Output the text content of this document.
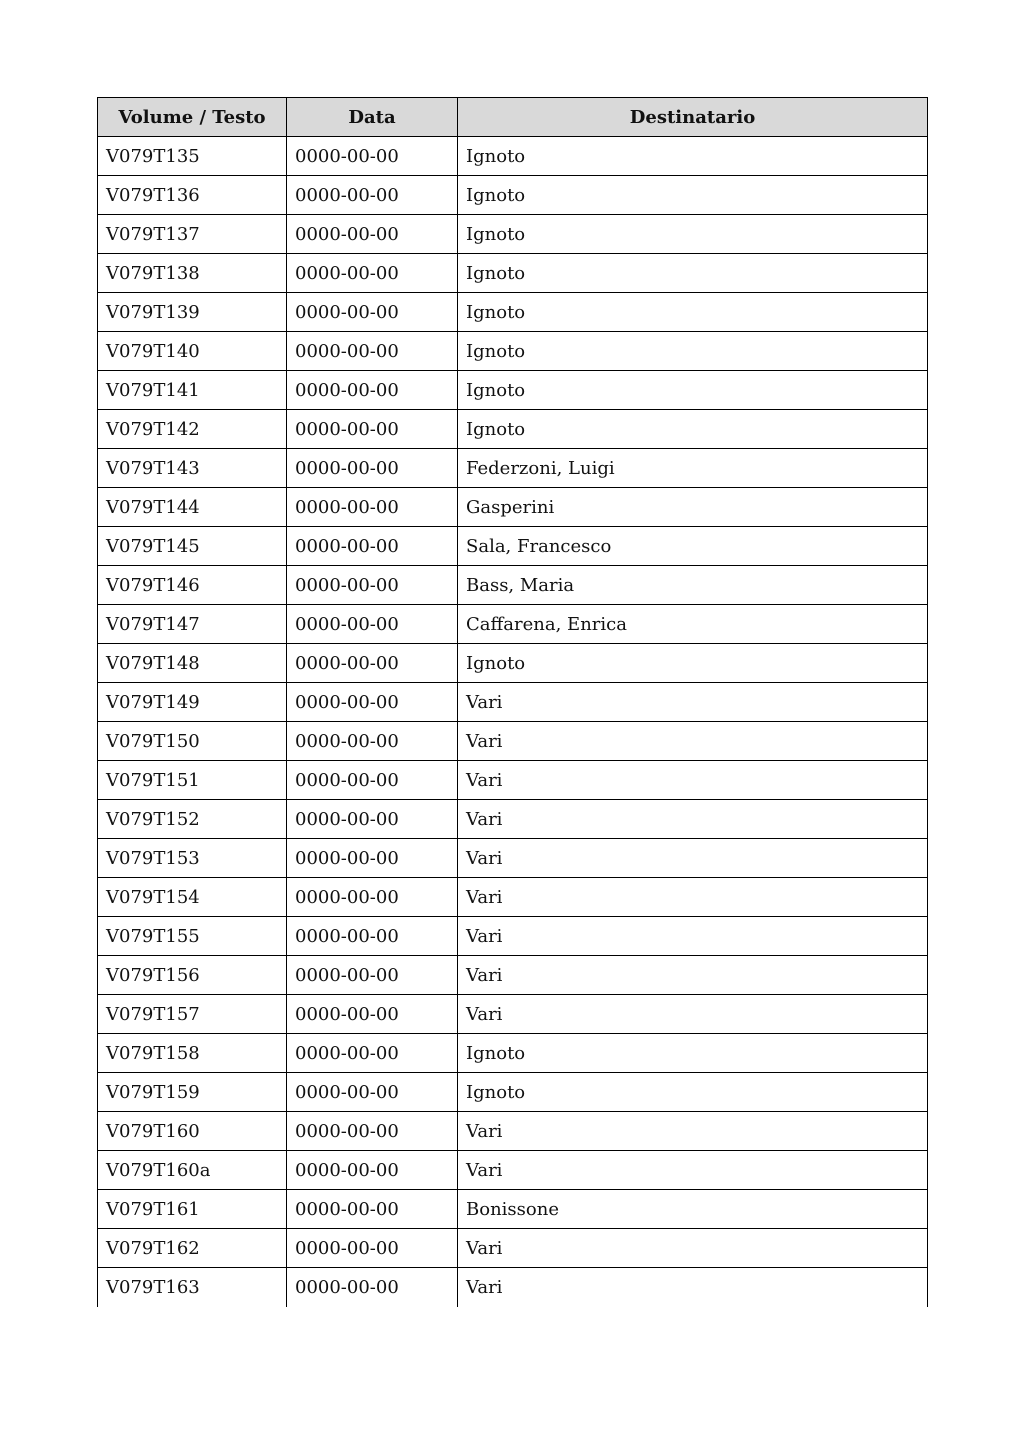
Volume / Testo	Data	Destinatario
V079T135	0000-00-00	Ignoto
V079T136	0000-00-00	Ignoto
V079T137	0000-00-00	Ignoto
V079T138	0000-00-00	Ignoto
V079T139	0000-00-00	Ignoto
V079T140	0000-00-00	Ignoto
V079T141	0000-00-00	Ignoto
V079T142	0000-00-00	Ignoto
V079T143	0000-00-00	Federzoni, Luigi
V079T144	0000-00-00	Gasperini
V079T145	0000-00-00	Sala, Francesco
V079T146	0000-00-00	Bass, Maria
V079T147	0000-00-00	Caffarena, Enrica
V079T148	0000-00-00	Ignoto
V079T149	0000-00-00	Vari
V079T150	0000-00-00	Vari
V079T151	0000-00-00	Vari
V079T152	0000-00-00	Vari
V079T153	0000-00-00	Vari
V079T154	0000-00-00	Vari
V079T155	0000-00-00	Vari
V079T156	0000-00-00	Vari
V079T157	0000-00-00	Vari
V079T158	0000-00-00	Ignoto
V079T159	0000-00-00	Ignoto
V079T160	0000-00-00	Vari
V079T160a	0000-00-00	Vari
V079T161	0000-00-00	Bonissone
V079T162	0000-00-00	Vari
V079T163	0000-00-00	Vari
